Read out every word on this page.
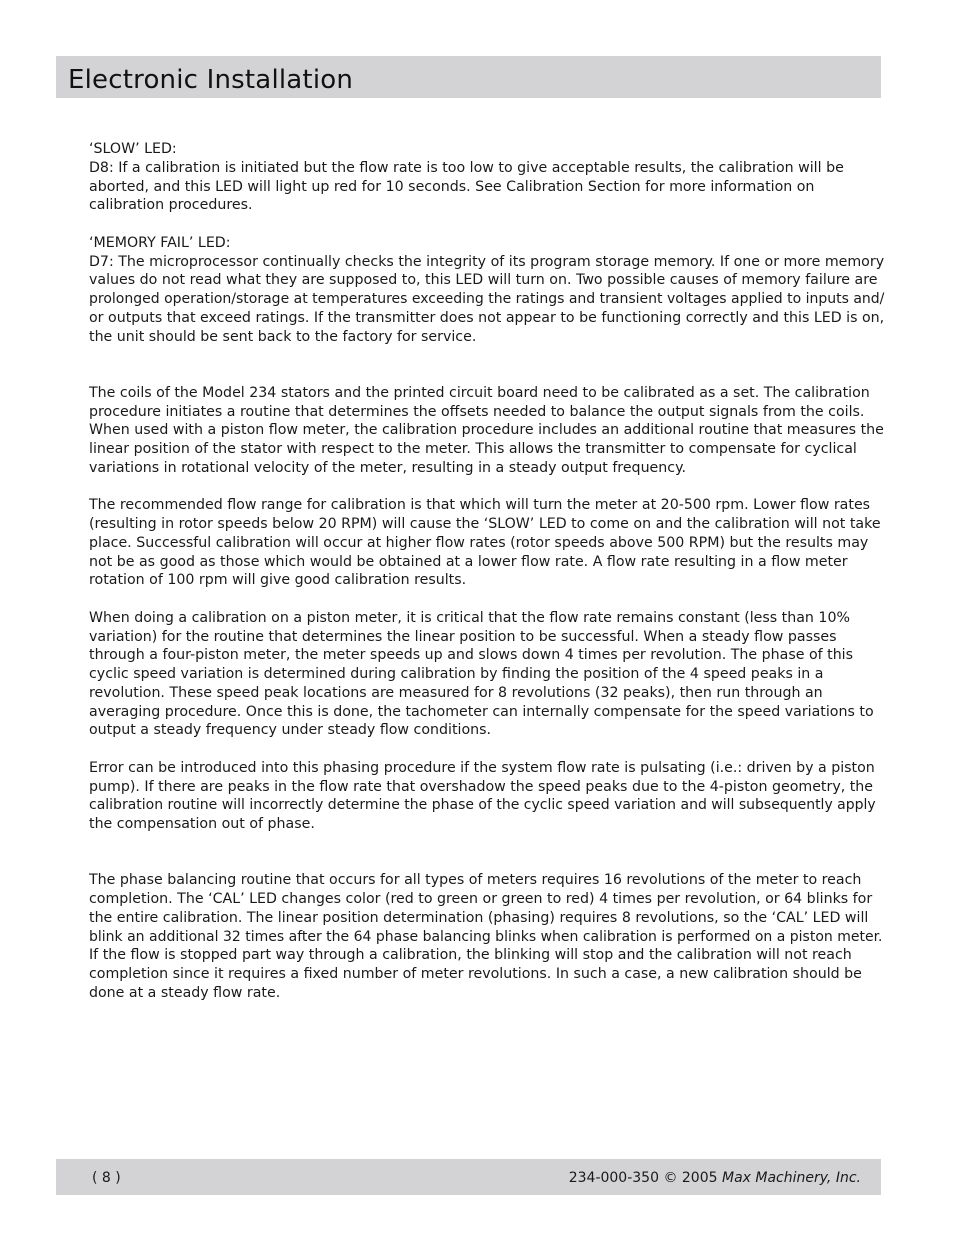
Electronic Installation

‘SLOW’ LED:

D8: If a calibration is initiated but the flow rate is too low to give acceptable results, the calibration will be

aborted, and this LED will light up red for 10 seconds. See Calibration Section for more information on

calibration procedures.

‘MEMORY FAIL’ LED:

D7: The microprocessor continually checks the integrity of its program storage memory. If one or more memory

values do not read what they are supposed to, this LED will turn on. Two possible causes of memory failure are

prolonged operation/storage at temperatures exceeding the ratings and transient voltages applied to inputs and/

or outputs that exceed ratings. If the transmitter does not appear to be functioning correctly and this LED is on,

the unit should be sent back to the factory for service.

The coils of the Model 234 stators and the printed circuit board need to be calibrated as a set. The calibration

procedure initiates a routine that determines the offsets needed to balance the output signals from the coils.

When used with a piston flow meter, the calibration procedure includes an additional routine that measures the

linear position of the stator with respect to the meter. This allows the transmitter to compensate for cyclical

variations in rotational velocity of the meter, resulting in a steady output frequency.

The recommended flow range for calibration is that which will turn the meter at 20-500 rpm. Lower flow rates

(resulting in rotor speeds below 20 RPM) will cause the ‘SLOW’ LED to come on and the calibration will not take

place. Successful calibration will occur at higher flow rates (rotor speeds above 500 RPM) but the results may

not be as good as those which would be obtained at a lower flow rate. A flow rate resulting in a flow meter

rotation of 100 rpm will give good calibration results.

When doing a calibration on a piston meter, it is critical that the flow rate remains constant (less than 10%

variation) for the routine that determines the linear position to be successful. When a steady flow passes

through a four-piston meter, the meter speeds up and slows down 4 times per revolution. The phase of this

cyclic speed variation is determined during calibration by finding the position of the 4 speed peaks in a

revolution. These speed peak locations are measured for 8 revolutions (32 peaks), then run through an

averaging procedure. Once this is done, the tachometer can internally compensate for the speed variations to

output a steady frequency under steady flow conditions.

Error can be introduced into this phasing procedure if the system flow rate is pulsating (i.e.: driven by a piston

pump). If there are peaks in the flow rate that overshadow the speed peaks due to the 4-piston geometry, the

calibration routine will incorrectly determine the phase of the cyclic speed variation and will subsequently apply

the compensation out of phase.

The phase balancing routine that occurs for all types of meters requires 16 revolutions of the meter to reach

completion. The ‘CAL’ LED changes color (red to green or green to red) 4 times per revolution, or 64 blinks for

the entire calibration. The linear position determination (phasing) requires 8 revolutions, so the ‘CAL’ LED will

blink an additional 32 times after the 64 phase balancing blinks when calibration is performed on a piston meter.

If the flow is stopped part way through a calibration, the blinking will stop and the calibration will not reach

completion since it requires a fixed number of meter revolutions. In such a case, a new calibration should be

done at a steady flow rate.

( 8 )	234-000-350 © 2005 Max Machinery, Inc.
